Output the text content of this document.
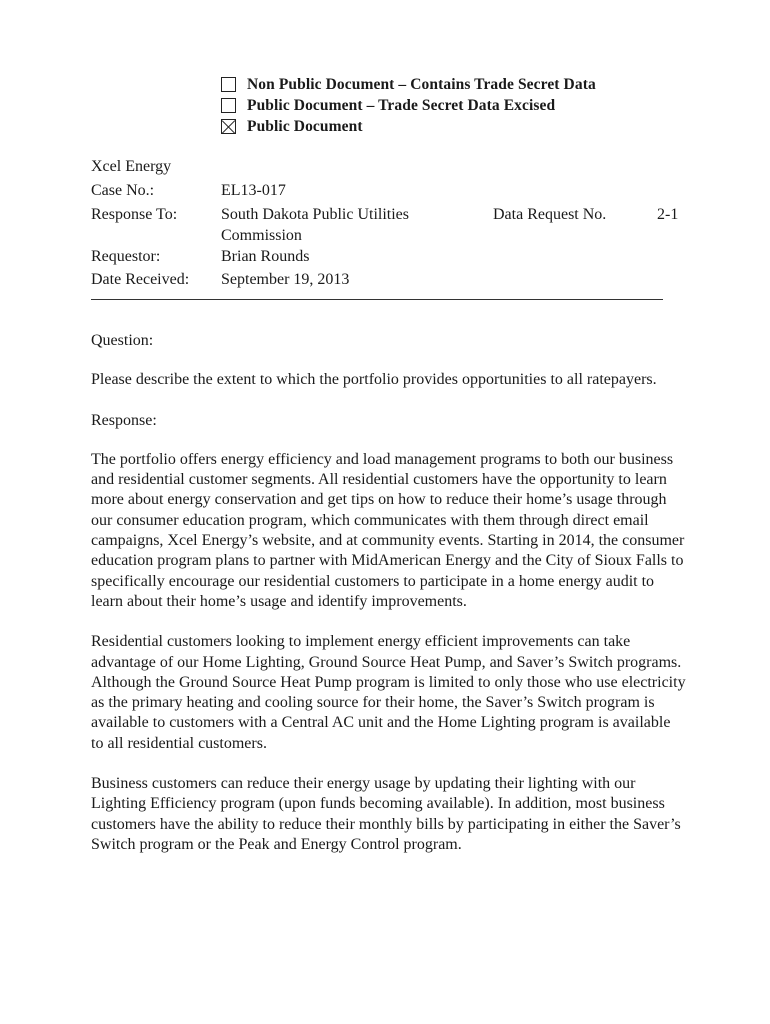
Non Public Document – Contains Trade Secret Data
Public Document – Trade Secret Data Excised
Public Document
Xcel Energy
Case No.:	EL13-017
Response To:	South Dakota Public Utilities	Data Request No.	2-1
Commission
Requestor:	Brian Rounds
Date Received: September 19, 2013

Question:

Please describe the extent to which the portfolio provides opportunities to all ratepayers.

Response:

The portfolio offers energy efficiency and load management programs to both our business and residential customer segments. All residential customers have the opportunity to learn more about energy conservation and get tips on how to reduce their home’s usage through our consumer education program, which communicates with them through direct email campaigns, Xcel Energy’s website, and at community events. Starting in 2014, the consumer education program plans to partner with MidAmerican Energy and the City of Sioux Falls to specifically encourage our residential customers to participate in a home energy audit to learn about their home’s usage and identify improvements.

Residential customers looking to implement energy efficient improvements can take advantage of our Home Lighting, Ground Source Heat Pump, and Saver’s Switch programs. Although the Ground Source Heat Pump program is limited to only those who use electricity as the primary heating and cooling source for their home, the Saver’s Switch program is available to customers with a Central AC unit and the Home Lighting program is available to all residential customers.

Business customers can reduce their energy usage by updating their lighting with our Lighting Efficiency program (upon funds becoming available). In addition, most business customers have the ability to reduce their monthly bills by participating in either the Saver’s Switch program or the Peak and Energy Control program.
